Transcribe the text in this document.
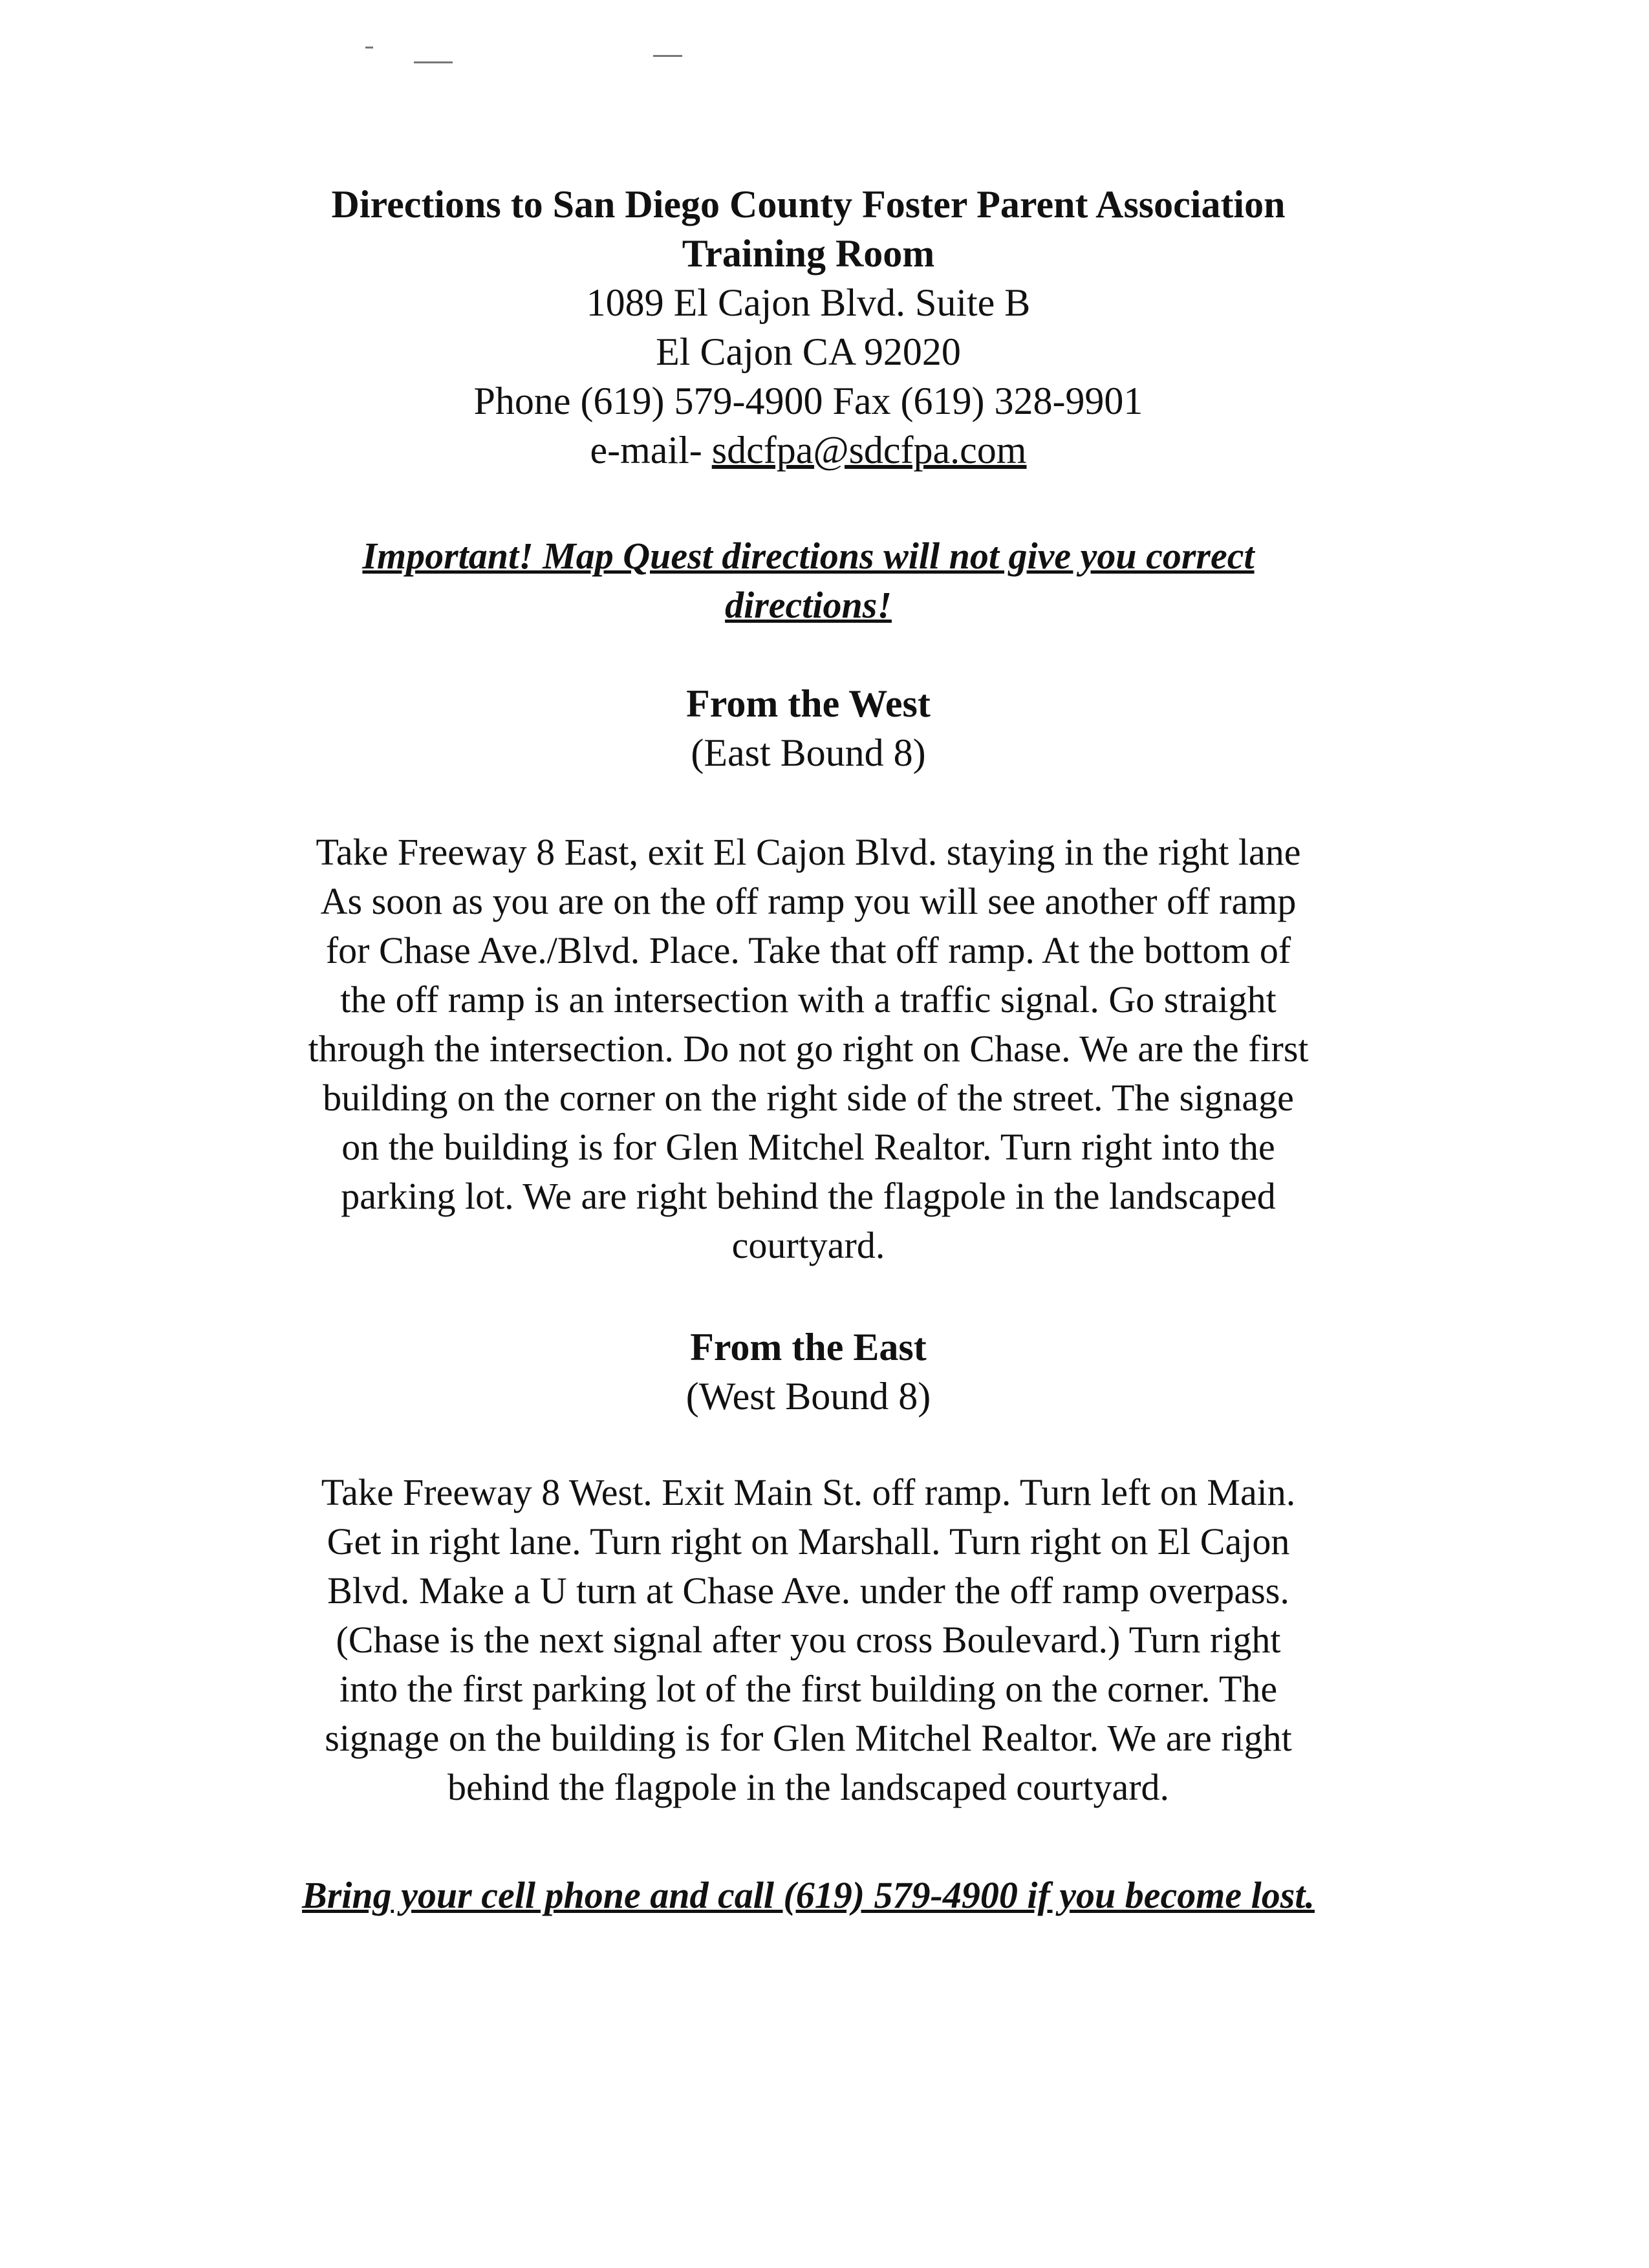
Directions to San Diego County Foster Parent Association
Training Room
1089 El Cajon Blvd. Suite B
El Cajon CA 92020
Phone (619) 579-4900 Fax (619) 328-9901
e-mail- sdcfpa@sdcfpa.com
Important! Map Quest directions will not give you correct
directions!
From the West
(East Bound 8)
Take Freeway 8 East, exit El Cajon Blvd. staying in the right lane
As soon as you are on the off ramp you will see another off ramp
for Chase Ave./Blvd. Place. Take that off ramp. At the bottom of
the off ramp is an intersection with a traffic signal. Go straight
through the intersection. Do not go right on Chase. We are the first
building on the corner on the right side of the street. The signage
on the building is for Glen Mitchel Realtor. Turn right into the
parking lot. We are right behind the flagpole in the landscaped
courtyard.
From the East
(West Bound 8)
Take Freeway 8 West. Exit Main St. off ramp. Turn left on Main.
Get in right lane. Turn right on Marshall. Turn right on El Cajon
Blvd. Make a U turn at Chase Ave. under the off ramp overpass.
(Chase is the next signal after you cross Boulevard.) Turn right
into the first parking lot of the first building on the corner. The
signage on the building is for Glen Mitchel Realtor. We are right
behind the flagpole in the landscaped courtyard.
Bring your cell phone and call (619) 579-4900 if you become lost.
